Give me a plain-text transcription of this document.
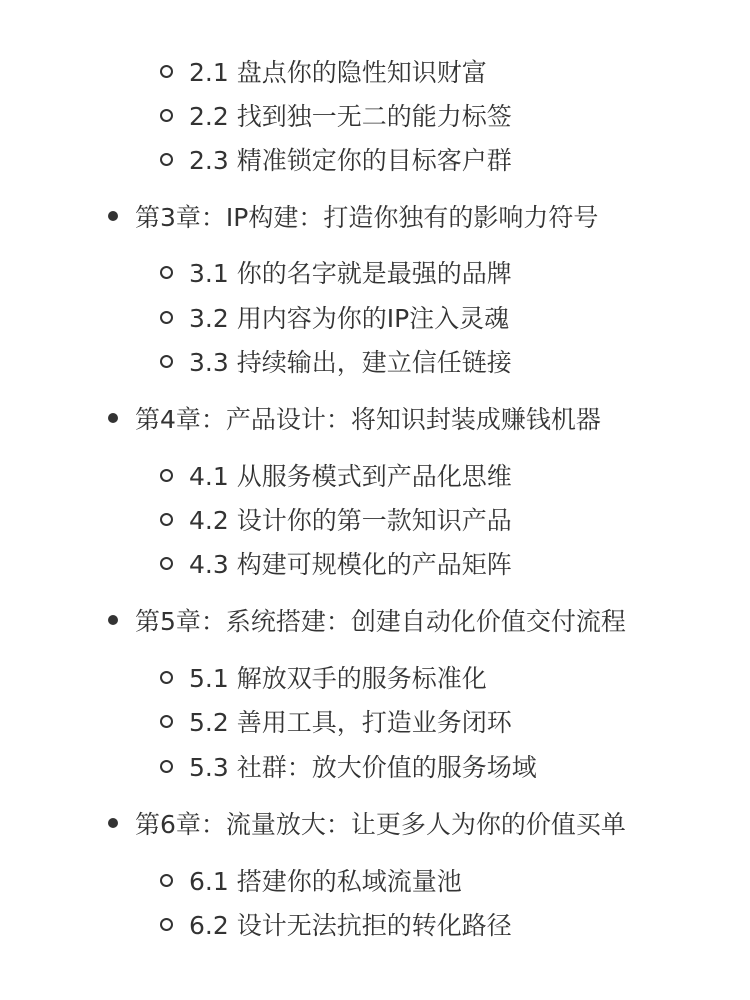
2.1 盘点你的隐性知识财富
2.2 找到独一无二的能力标签
2.3 精准锁定你的目标客户群
第3章：IP构建：打造你独有的影响力符号
3.1 你的名字就是最强的品牌
3.2 用内容为你的IP注入灵魂
3.3 持续输出，建立信任链接
第4章：产品设计：将知识封装成赚钱机器
4.1 从服务模式到产品化思维
4.2 设计你的第一款知识产品
4.3 构建可规模化的产品矩阵
第5章：系统搭建：创建自动化价值交付流程
5.1 解放双手的服务标准化
5.2 善用工具，打造业务闭环
5.3 社群：放大价值的服务场域
第6章：流量放大：让更多人为你的价值买单
6.1 搭建你的私域流量池
6.2 设计无法抗拒的转化路径
